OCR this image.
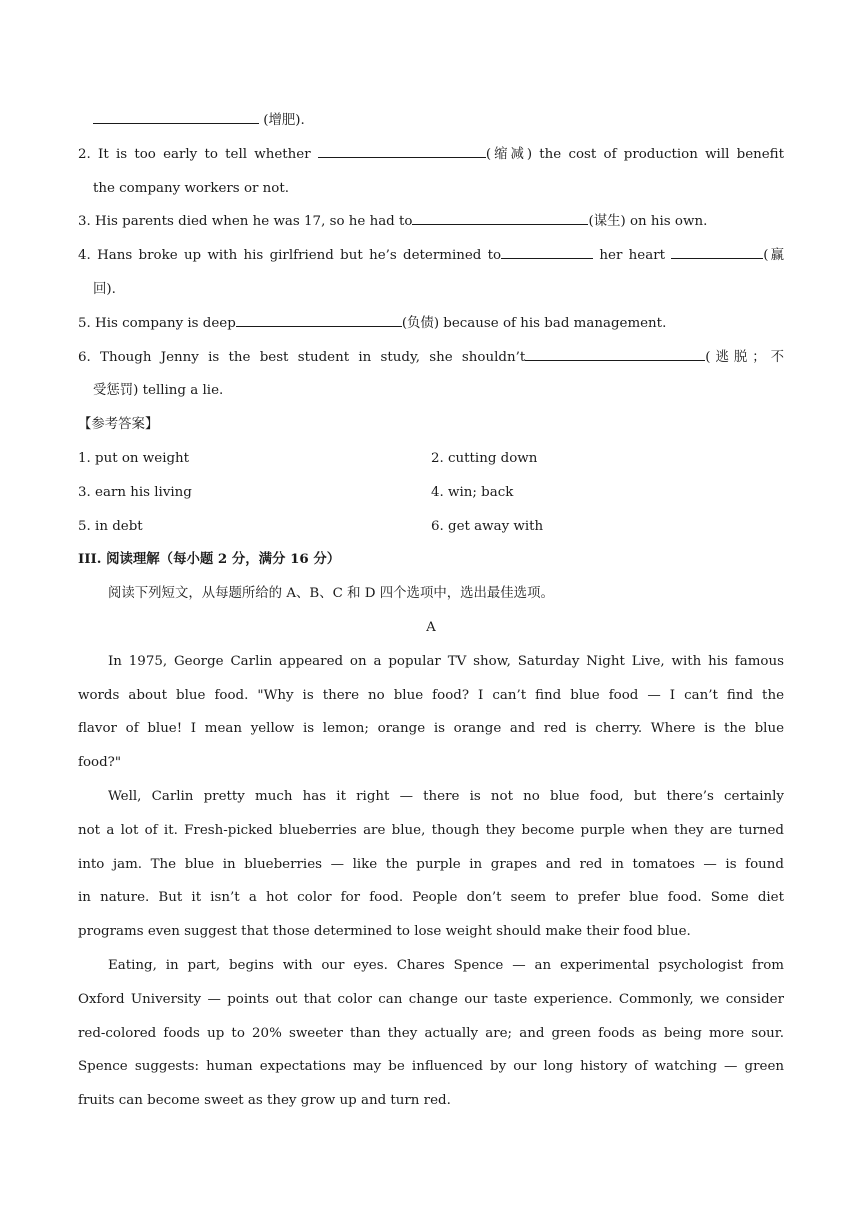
(增肥).
2. It is too early to tell whether	(缩减) the cost of production will benefit
the company workers or not.
3. His parents died when he was 17, so he had to	(谋生) on his own.
4. Hans broke up with his girlfriend but he’s determined to	her heart	(赢
回).
5. His company is deep	(负债) because of his bad management.
6. Though Jenny is the best student in study, she shouldn’t	(逃脱；不
受惩罚) telling a lie.
【参考答案】
1. put on weight	2. cutting down
3. earn his living	4. win; back
5. in debt	6. get away with
III. 阅读理解（每小题 2 分，满分 16 分）
阅读下列短文，从每题所给的 A、B、C 和 D 四个选项中，选出最佳选项。
A
In 1975, George Carlin appeared on a popular TV show, Saturday Night Live, with his famous
words about blue food. "Why is there no blue food? I can’t find blue food — I can’t find the
flavor of blue! I mean yellow is lemon; orange is orange and red is cherry. Where is the blue
food?"
Well, Carlin pretty much has it right — there is not no blue food, but there’s certainly
not a lot of it. Fresh-picked blueberries are blue, though they become purple when they are turned
into jam. The blue in blueberries — like the purple in grapes and red in tomatoes — is found
in nature. But it isn’t a hot color for food. People don’t seem to prefer blue food. Some diet
programs even suggest that those determined to lose weight should make their food blue.
Eating, in part, begins with our eyes. Chares Spence — an experimental psychologist from
Oxford University — points out that color can change our taste experience. Commonly, we consider
red-colored foods up to 20% sweeter than they actually are; and green foods as being more sour.
Spence suggests: human expectations may be influenced by our long history of watching — green
fruits can become sweet as they grow up and turn red.
